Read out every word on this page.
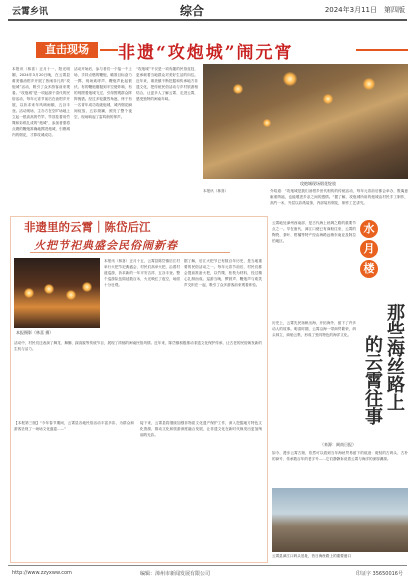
云霄乡讯	综合	2024年3月11日　第四版
直击现场	非遗“攻炮城”闹元宵
本报讯（林喜）正月十一，阳光明媚，2024年3月20日晚，在云霄县莆美镇油柑乡开展了热闹非凡的“攻炮城”活动，吸引了众多游客前来观看。“攻炮城”是一项起源于清代的民俗活动，每年元宵节前后在油柑乡开展，以祈求来年风调雨顺、五谷丰登。活动现场，主办方在空旷场地上立起一根高高的竹竿，竿顶挂着用竹篾和彩纸扎成的“炮城”，参加者需将点燃的鞭炮准确地掷进炮城，引燃城内的烟花，才算攻城成功。
活动开始后，参与者们一个接一个上场，手持点燃的鞭炮，瞄准目标奋力一掷，现场欢呼声、鞭炮声此起彼伏。有的鞭炮刚抛到半空便炸响，有的则擦着炮城飞过，引得围观群众阵阵惋惜。经过多轮激烈角逐，终于有一名青年成功攻破炮城，城内烟花瞬间绽放，五彩斑斓，照亮了整个夜空，现场响起了雷鸣般的掌声。
“攻炮城”不仅是一项有趣的民俗竞技，更承载着当地群众对美好生活的向往。近年来，莆美镇不断挖掘和传承地方非遗文化，把传统民俗活动与乡村旅游相结合，让更多人了解云霄、走进云霄，感受独特的闽南年味。
攻炮城现场烟花绽放
介绍道：“攻炮城是我们油柑乡世代相传的传统活动，每年元宵前后都会举办，既寓意驱邪纳福，也能增进乡亲之间的感情。”据了解，攻炮城所用的炮城由村民手工制作，高约一米，外层以彩纸装饰，内部装有烟花，制作工艺讲究。
本报讯（林喜）
非遗里的云霄｜陈岱后江
火把节祀典盛会民俗闹新春
本报摄影（林喜 摄）
本报讯（林喜）正月十五，云霄县陈岱镇后江村举行火把节祀典盛会，村民们高举火把，沿着村道巡游，祈求新的一年平安吉祥、五谷丰登。整个巡游队伍绵延数百米，火光映红了夜空，场面十分壮观。
据了解，后江火把节已有数百年历史，是当地重要的民俗活动之一。每年元宵节前后，村民们都会提前准备火把，以竹篾、松枝为材料，经过精心扎制而成。巡游当晚，锣鼓声、鞭炮声与欢笑声交织在一起，吸引了众多游客前来观看体验。
活动中，村民们还表演了舞龙、舞狮、踩高跷等传统节目，展现了浓郁的闽南民俗风情。近年来，陈岱镇积极推动非遗文化保护传承，让古老的民俗焕发新的生机与活力。
【本报第三版】“今年春节期间，云霄县各地民俗活动丰富多彩，为群众和游客呈现了一场场文化盛宴……”
接下来，云霄县将继续加强非物质文化遗产保护工作，深入挖掘地方特色文化资源，推动文化和旅游深度融合发展，让非遗文化在新时代焕发出更加绚丽的光彩。
水
月
楼
云霄地处漳州西南部，是古代海上丝绸之路的重要节点之一。早在唐代，漳江口便已有商船往来，云霄的陶瓷、茶叶、柑橘等特产经由海路远销东南亚及阿拉伯地区。
那些海丝路上
的云霄往事
历史上，云霄先民扬帆出海，开拓海外，留下了许多动人的故事。明清时期，云霄沿海一带商贸繁荣，码头林立，商船云集，形成了独具特色的海洋文化。
（来源：闽南日报）
如今，漫步云霄古街，依然可以看到当年海丝贸易留下的痕迹：斑驳的古码头、古朴的商号、传承数百年的老字号……它们静静诉说着云霄与海洋的深厚渊源。
云霄县漳江口码头旧址，昔日海丝路上的重要港口
http://www.zzyxww.com	编辑：漳州市新闻发展有限公司	印证字 35650016号
